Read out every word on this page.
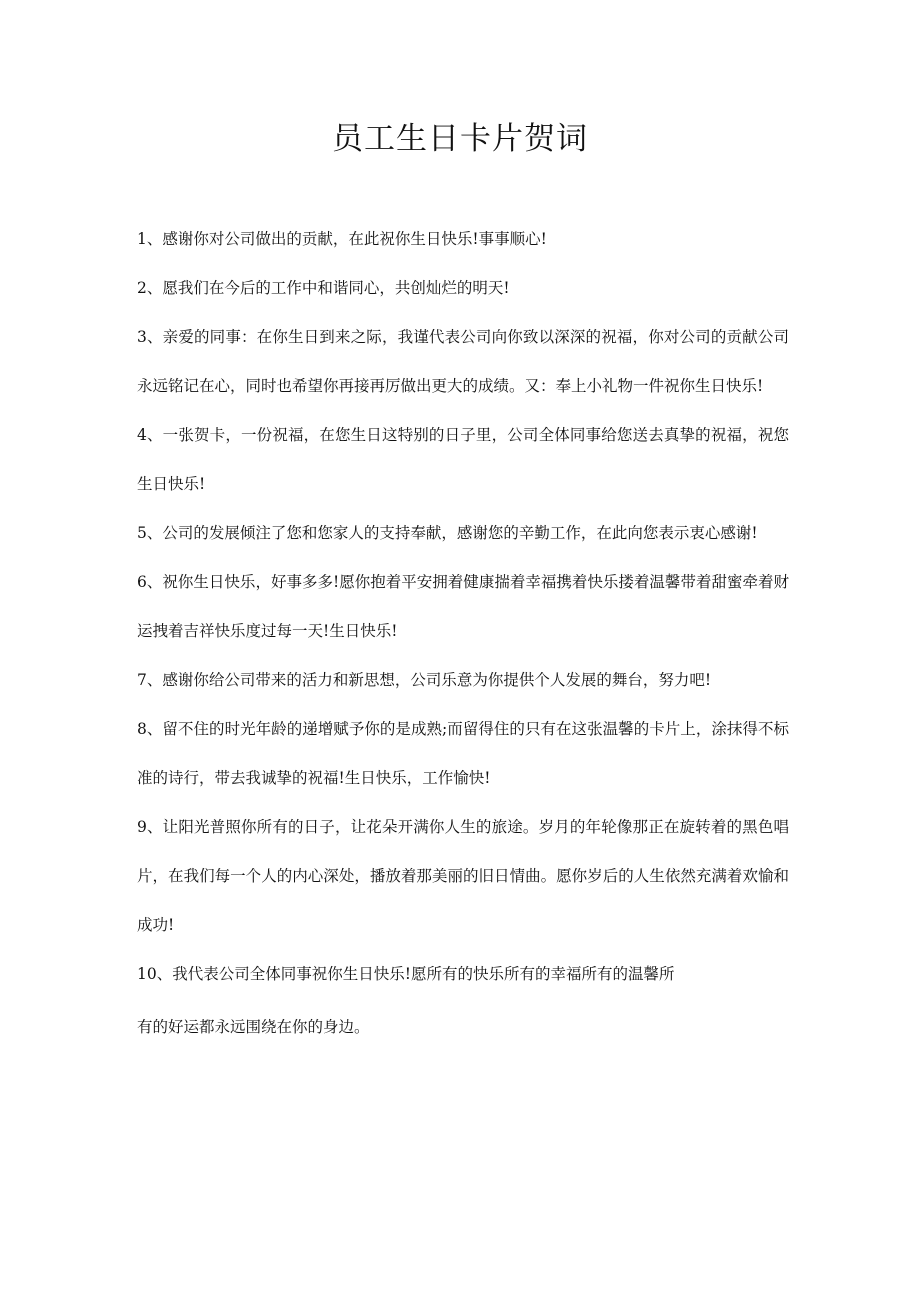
员工生日卡片贺词

1、感谢你对公司做出的贡献，在此祝你生日快乐!事事顺心!

2、愿我们在今后的工作中和谐同心，共创灿烂的明天!

3、亲爱的同事：在你生日到来之际，我谨代表公司向你致以深深的祝福，你对公司的贡献公司永远铭记在心，同时也希望你再接再厉做出更大的成绩。又：奉上小礼物一件祝你生日快乐!

4、一张贺卡，一份祝福，在您生日这特别的日子里，公司全体同事给您送去真挚的祝福，祝您生日快乐!

5、公司的发展倾注了您和您家人的支持奉献，感谢您的辛勤工作，在此向您表示衷心感谢!

6、祝你生日快乐，好事多多!愿你抱着平安拥着健康揣着幸福携着快乐搂着温馨带着甜蜜牵着财运拽着吉祥快乐度过每一天!生日快乐!

7、感谢你给公司带来的活力和新思想，公司乐意为你提供个人发展的舞台，努力吧!

8、留不住的时光年龄的递增赋予你的是成熟;而留得住的只有在这张温馨的卡片上，涂抹得不标准的诗行，带去我诚挚的祝福!生日快乐，工作愉快!

9、让阳光普照你所有的日子，让花朵开满你人生的旅途。岁月的年轮像那正在旋转着的黑色唱片，在我们每一个人的内心深处，播放着那美丽的旧日情曲。愿你岁后的人生依然充满着欢愉和成功!

10、我代表公司全体同事祝你生日快乐!愿所有的快乐所有的幸福所有的温馨所
有的好运都永远围绕在你的身边。
